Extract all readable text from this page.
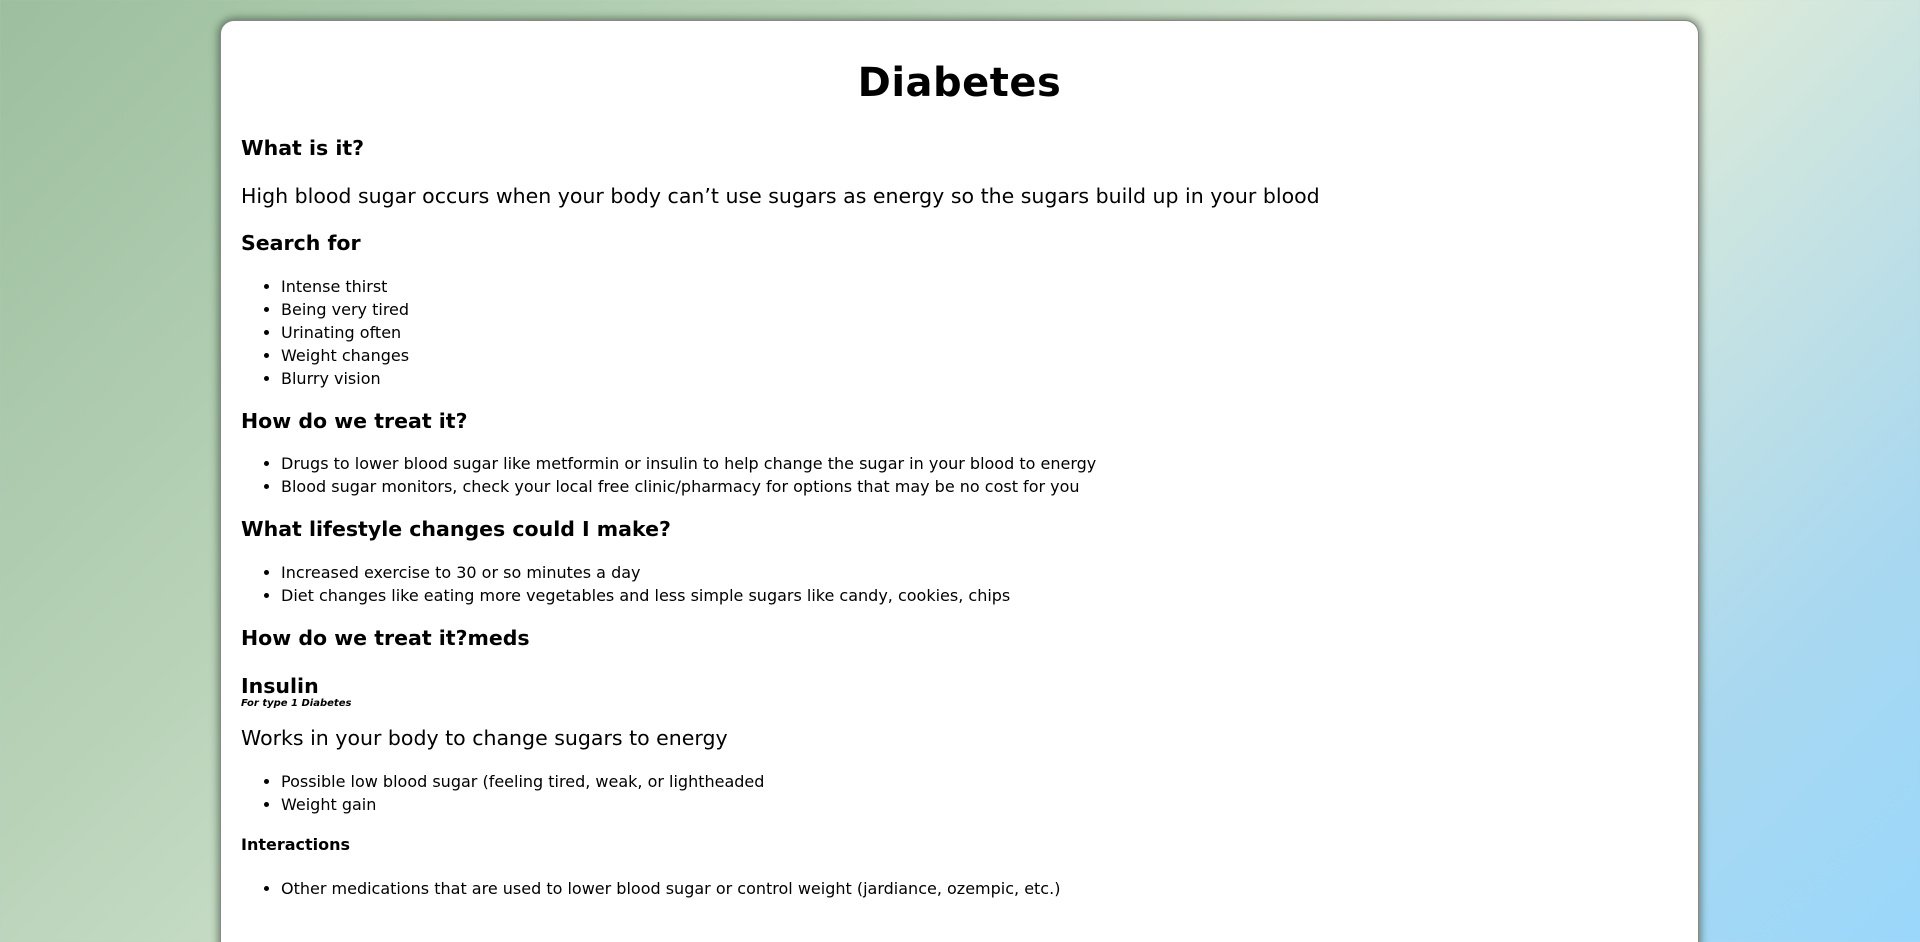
Diabetes
What is it?

High blood sugar occurs when your body can’t use sugars as energy so the sugars build up in your blood

Search for
• Intense thirst
• Being very tired
• Urinating often
• Weight changes
• Blurry vision
How do we treat it?
• Drugs to lower blood sugar like metformin or insulin to help change the sugar in your blood to energy
• Blood sugar monitors, check your local free clinic/pharmacy for options that may be no cost for you
What lifestyle changes could I make?
• Increased exercise to 30 or so minutes a day
• Diet changes like eating more vegetables and less simple sugars like candy, cookies, chips
How do we treat it?meds
Insulin

For type 1 Diabetes

Works in your body to change sugars to energy

• Possible low blood sugar (feeling tired, weak, or lightheaded
• Weight gain

Interactions

• Other medications that are used to lower blood sugar or control weight (jardiance, ozempic, etc.)
